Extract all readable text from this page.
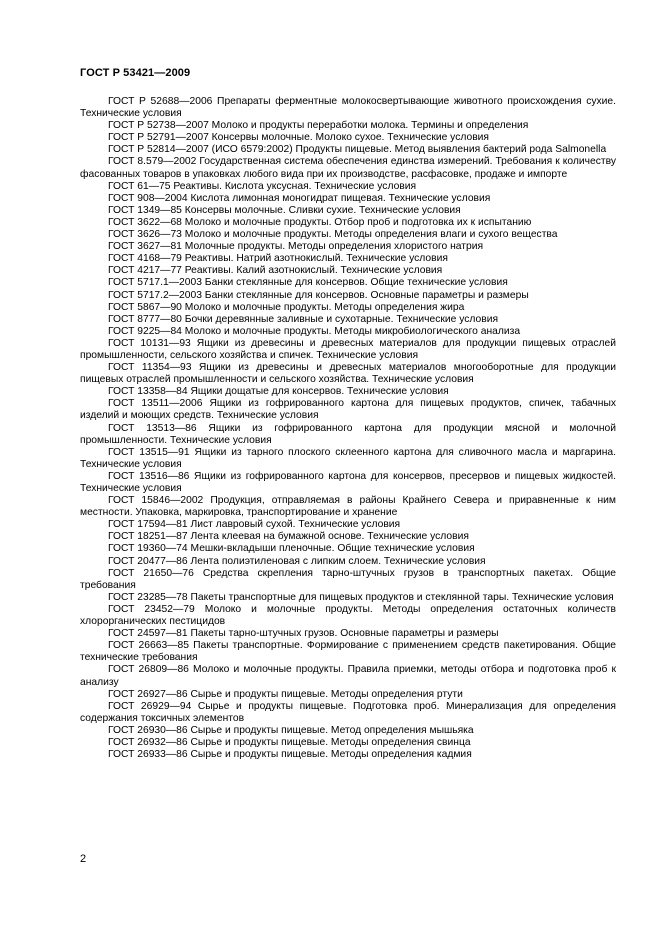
ГОСТ Р 53421—2009

ГОСТ Р 52688—2006 Препараты ферментные молокосвертывающие животного происхождения сухие. Технические условия

ГОСТ Р 52738—2007 Молоко и продукты переработки молока. Термины и определения

ГОСТ Р 52791—2007 Консервы молочные. Молоко сухое. Технические условия

ГОСТ Р 52814—2007 (ИСО 6579:2002) Продукты пищевые. Метод выявления бактерий рода Salmonella

ГОСТ 8.579—2002 Государственная система обеспечения единства измерений. Требования к количеству фасованных товаров в упаковках любого вида при их производстве, расфасовке, продаже и импорте

ГОСТ 61—75 Реактивы. Кислота уксусная. Технические условия

ГОСТ 908—2004 Кислота лимонная моногидрат пищевая. Технические условия

ГОСТ 1349—85 Консервы молочные. Сливки сухие. Технические условия

ГОСТ 3622—68 Молоко и молочные продукты. Отбор проб и подготовка их к испытанию

ГОСТ 3626—73 Молоко и молочные продукты. Методы определения влаги и сухого вещества

ГОСТ 3627—81 Молочные продукты. Методы определения хлористого натрия

ГОСТ 4168—79 Реактивы. Натрий азотнокислый. Технические условия

ГОСТ 4217—77 Реактивы. Калий азотнокислый. Технические условия

ГОСТ 5717.1—2003 Банки стеклянные для консервов. Общие технические условия

ГОСТ 5717.2—2003 Банки стеклянные для консервов. Основные параметры и размеры

ГОСТ 5867—90 Молоко и молочные продукты. Методы определения жира

ГОСТ 8777—80 Бочки деревянные заливные и сухотарные. Технические условия

ГОСТ 9225—84 Молоко и молочные продукты. Методы микробиологического анализа

ГОСТ 10131—93 Ящики из древесины и древесных материалов для продукции пищевых отраслей промышленности, сельского хозяйства и спичек. Технические условия

ГОСТ 11354—93 Ящики из древесины и древесных материалов многооборотные для продукции пищевых отраслей промышленности и сельского хозяйства. Технические условия

ГОСТ 13358—84 Ящики дощатые для консервов. Технические условия

ГОСТ 13511—2006 Ящики из гофрированного картона для пищевых продуктов, спичек, табачных изделий и моющих средств. Технические условия

ГОСТ 13513—86 Ящики из гофрированного картона для продукции мясной и молочной промышленности. Технические условия

ГОСТ 13515—91 Ящики из тарного плоского склеенного картона для сливочного масла и маргарина. Технические условия

ГОСТ 13516—86 Ящики из гофрированного картона для консервов, пресервов и пищевых жидкостей. Технические условия

ГОСТ 15846—2002 Продукция, отправляемая в районы Крайнего Севера и приравненные к ним местности. Упаковка, маркировка, транспортирование и хранение

ГОСТ 17594—81 Лист лавровый сухой. Технические условия

ГОСТ 18251—87 Лента клеевая на бумажной основе. Технические условия

ГОСТ 19360—74 Мешки-вкладыши пленочные. Общие технические условия

ГОСТ 20477—86 Лента полиэтиленовая с липким слоем. Технические условия

ГОСТ 21650—76 Средства скрепления тарно-штучных грузов в транспортных пакетах. Общие требования

ГОСТ 23285—78 Пакеты транспортные для пищевых продуктов и стеклянной тары. Технические условия

ГОСТ 23452—79 Молоко и молочные продукты. Методы определения остаточных количеств хлорорганических пестицидов

ГОСТ 24597—81 Пакеты тарно-штучных грузов. Основные параметры и размеры

ГОСТ 26663—85 Пакеты транспортные. Формирование с применением средств пакетирования. Общие технические требования

ГОСТ 26809—86 Молоко и молочные продукты. Правила приемки, методы отбора и подготовка проб к анализу

ГОСТ 26927—86 Сырье и продукты пищевые. Методы определения ртути

ГОСТ 26929—94 Сырье и продукты пищевые. Подготовка проб. Минерализация для определения содержания токсичных элементов

ГОСТ 26930—86 Сырье и продукты пищевые. Метод определения мышьяка

ГОСТ 26932—86 Сырье и продукты пищевые. Методы определения свинца

ГОСТ 26933—86 Сырье и продукты пищевые. Методы определения кадмия

2
